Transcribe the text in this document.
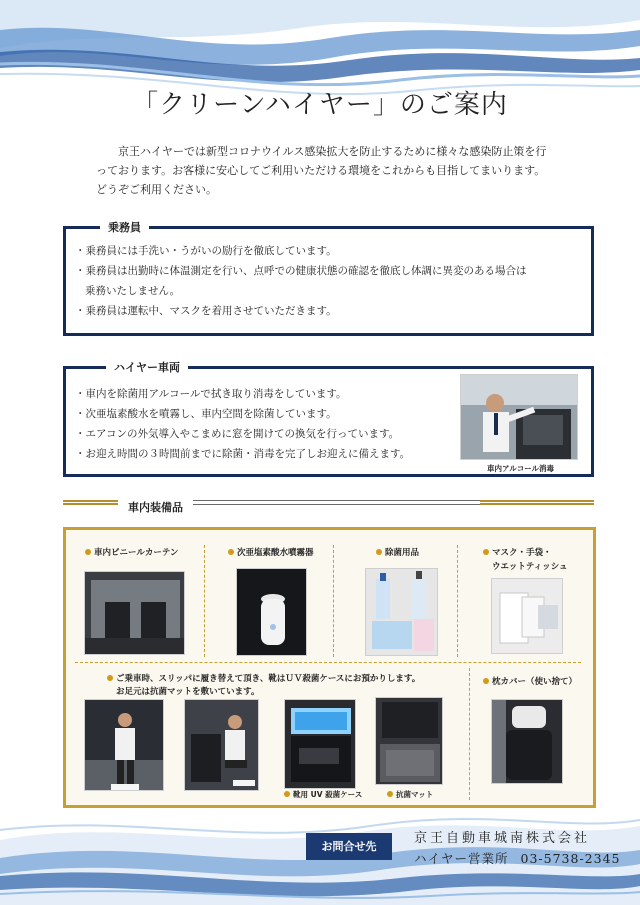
「クリーンハイヤー」のご案内
京王ハイヤーでは新型コロナウイルス感染拡大を防止するために様々な感染防止策を行
っております。お客様に安心してご利用いただける環境をこれからも目指してまいります。
どうぞご利用ください。
乗務員
・乗務員には手洗い・うがいの励行を徹底しています。
・乗務員は出勤時に体温測定を行い、点呼での健康状態の確認を徹底し体調に異変のある場合は
乗務いたしません。
・乗務員は運転中、マスクを着用させていただきます。
ハイヤー車両
・車内を除菌用アルコールで拭き取り消毒をしています。
・次亜塩素酸水を噴霧し、車内空間を除菌しています。
・エアコンの外気導入やこまめに窓を開けての換気を行っています。
・お迎え時間の３時間前までに除菌・消毒を完了しお迎えに備えます。
車内アルコール消毒
車内装備品
車内ビニールカーテン	次亜塩素酸水噴霧器	除菌用品	マスク・手袋・
ウエットティッシュ
ご乗車時、スリッパに履き替えて頂き、靴はＵＶ殺菌ケースにお預かりします。
お足元は抗菌マットを敷いています。
枕カバー（使い捨て）
靴用 UV 殺菌ケース	抗菌マット
お問合せ先
京王自動車城南株式会社
ハイヤー営業所 03-5738-2345
